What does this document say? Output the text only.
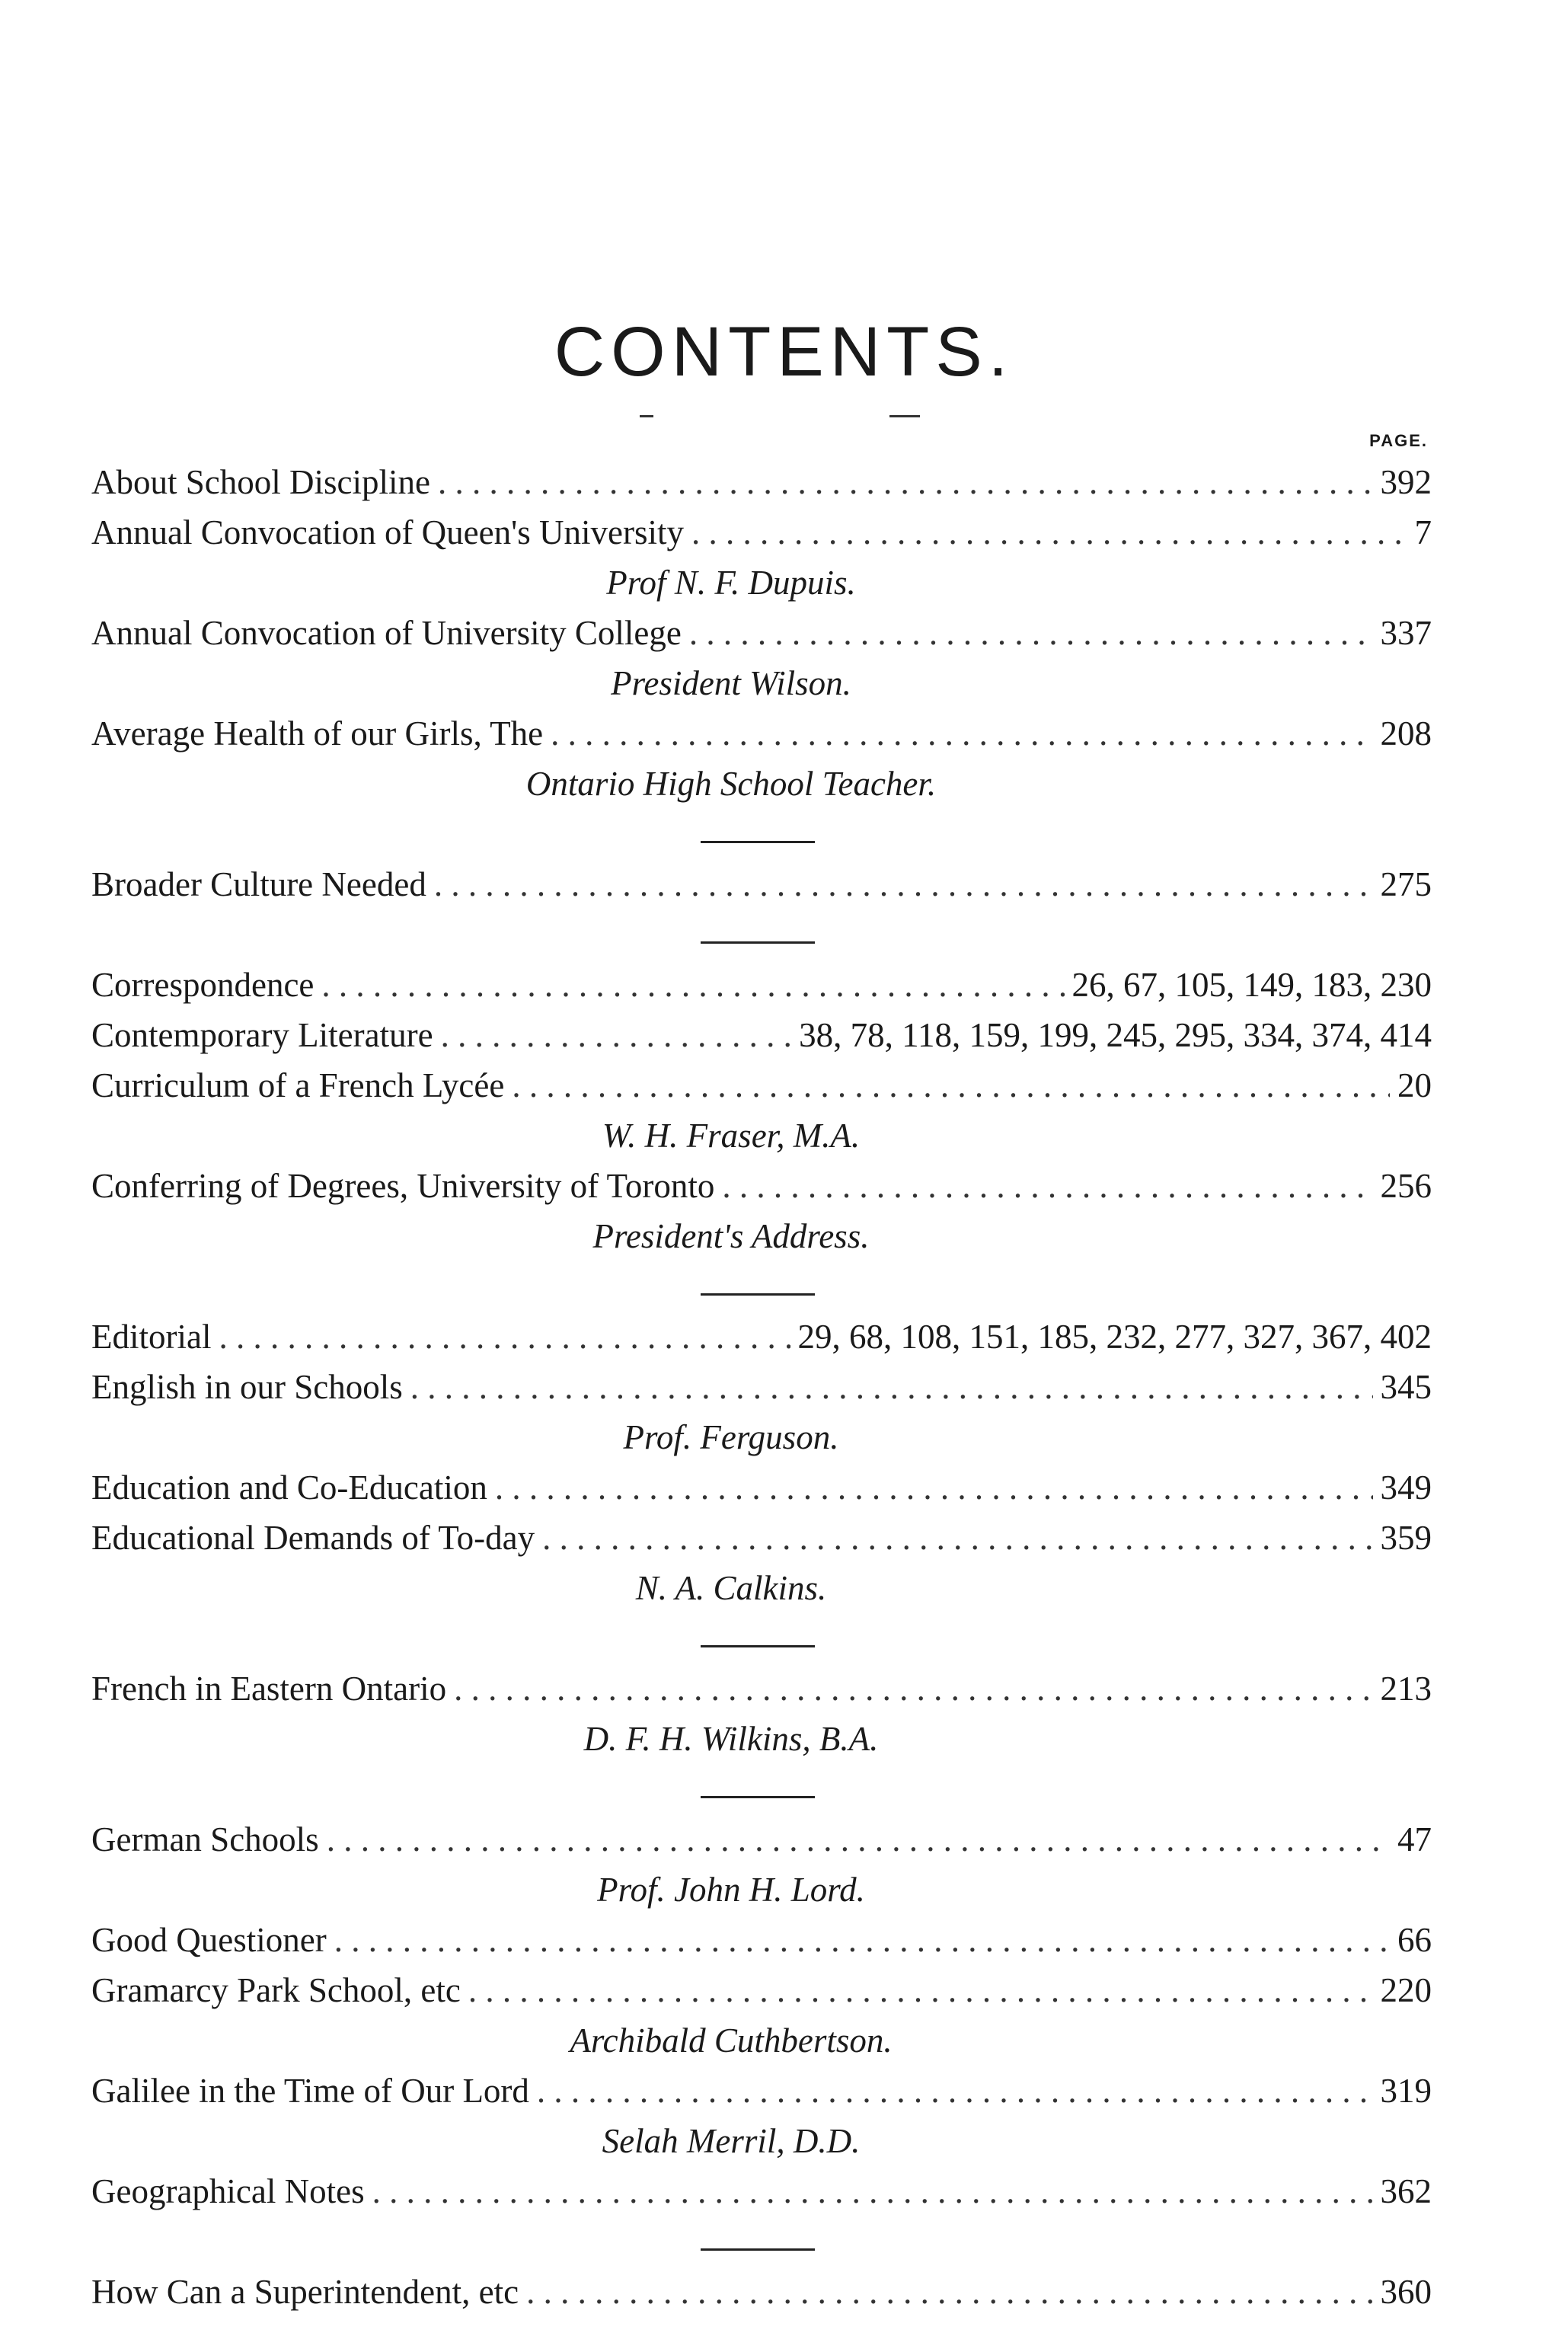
CONTENTS.
PAGE.
About School Discipline . . .	392
Annual Convocation of Queen's University . . .	7
Prof N. F. Dupuis.
Annual Convocation of University College . . .	337
President Wilson.
Average Health of our Girls, The . . .	208
Ontario High School Teacher.
Broader Culture Needed . . .	275
Correspondence . . .	26, 67, 105, 149, 183, 230
Contemporary Literature . . .	38, 78, 118, 159, 199, 245, 295, 334, 374, 414
Curriculum of a French Lycée . . .	20
W. H. Fraser, M.A.
Conferring of Degrees, University of Toronto . . .	256
President's Address.
Editorial . . .	29, 68, 108, 151, 185, 232, 277, 327, 367, 402
English in our Schools . . .	345
Prof. Ferguson.
Education and Co-Education . . .	349
Educational Demands of To-day . . .	359
N. A. Calkins.
French in Eastern Ontario . . .	213
D. F. H. Wilkins, B.A.
German Schools . . .	47
Prof. John H. Lord.
Good Questioner . . .	66
Gramarcy Park School, etc . . .	220
Archibald Cuthbertson.
Galilee in the Time of Our Lord . . .	319
Selah Merril, D.D.
Geographical Notes . . .	362
How Can a Superintendent, etc . . .	360
